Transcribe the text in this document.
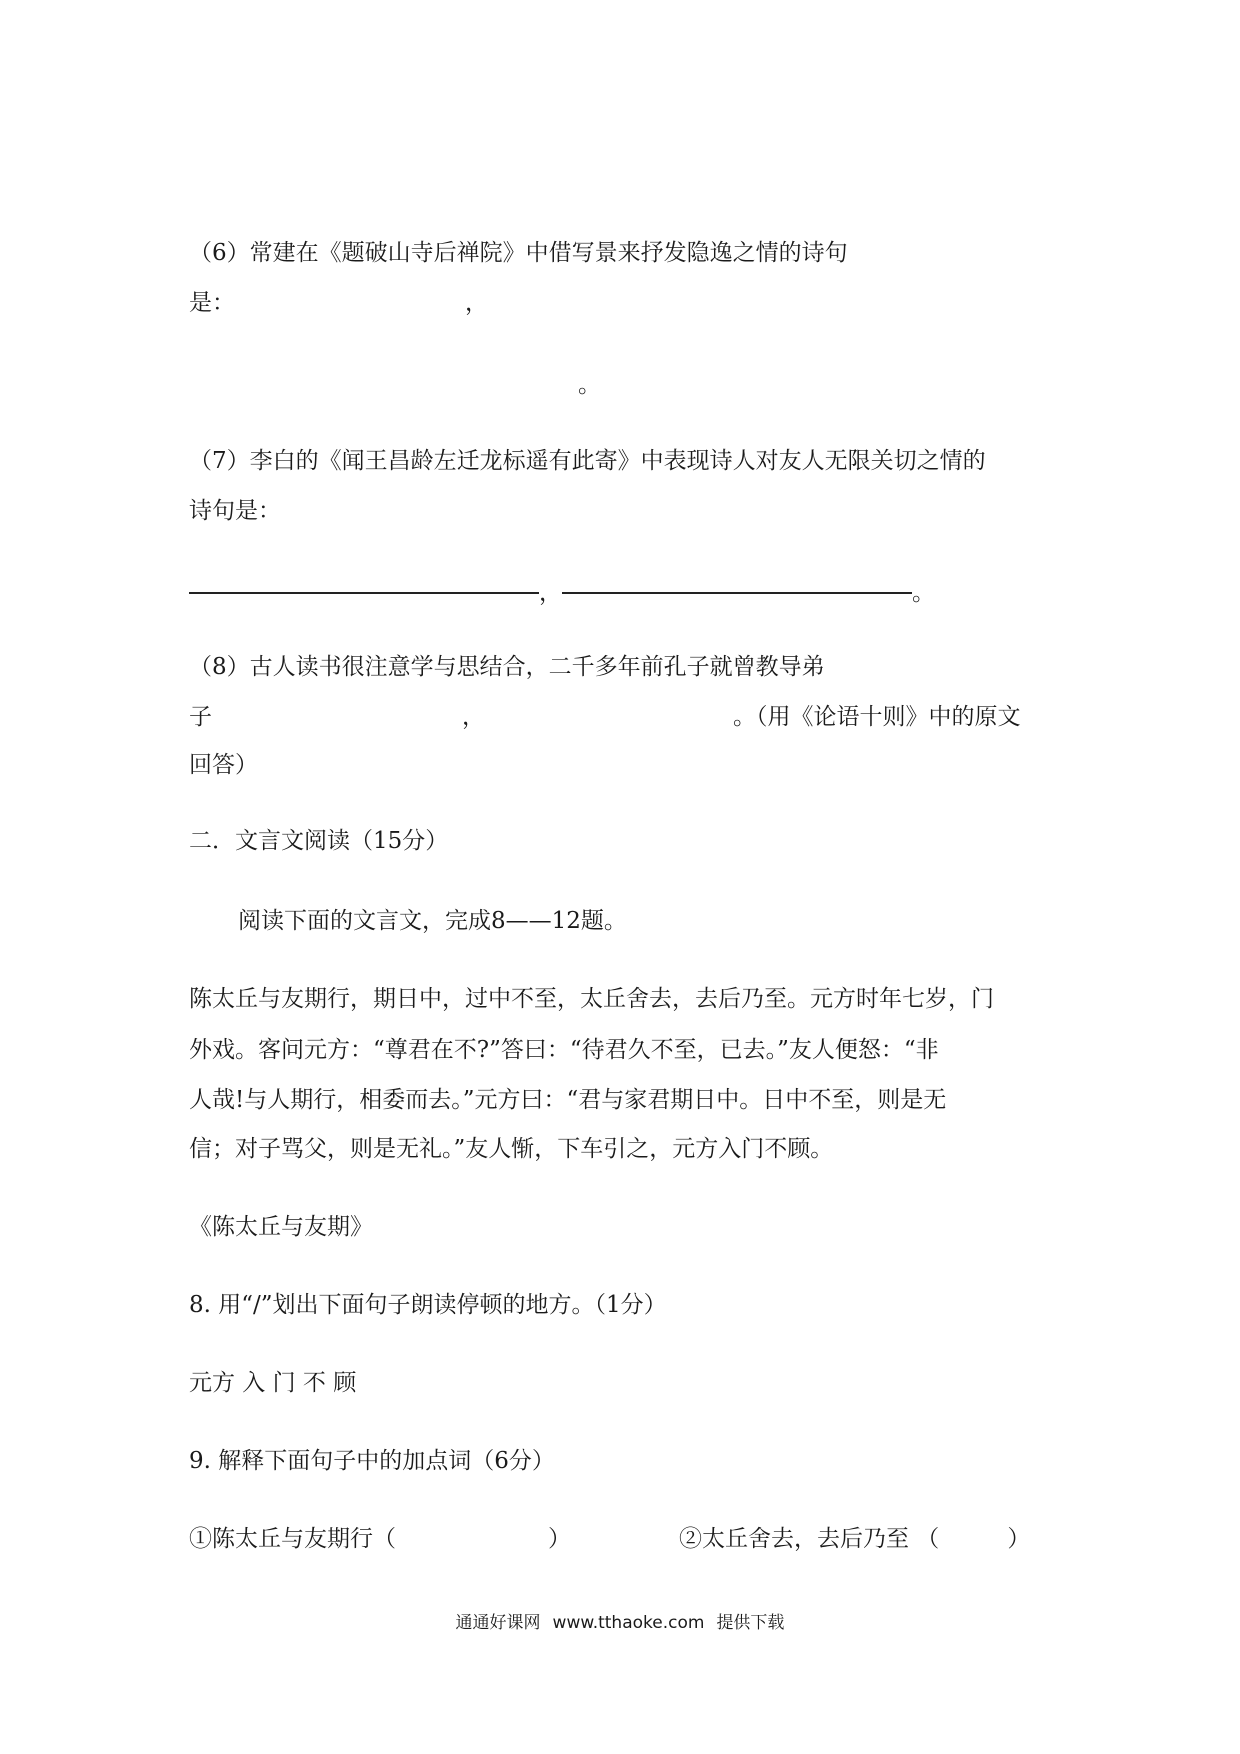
（6）常建在《题破山寺后禅院》中借写景来抒发隐逸之情的诗句
是：	，
。
（7）李白的《闻王昌龄左迁龙标遥有此寄》中表现诗人对友人无限关切之情的
诗句是：
，	。
（8）古人读书很注意学与思结合，二千多年前孔子就曾教导弟
子	，	。（用《论语十则》中的原文
回答）
二．文言文阅读（15分）
阅读下面的文言文，完成8——12题。
陈太丘与友期行，期日中，过中不至，太丘舍去，去后乃至。元方时年七岁，门
外戏。客问元方：“尊君在不?”答曰：“待君久不至，已去。”友人便怒：“非
人哉!与人期行，相委而去。”元方曰：“君与家君期日中。日中不至，则是无
信；对子骂父，则是无礼。”友人惭，下车引之，元方入门不顾。
《陈太丘与友期》
8. 用“/”划出下面句子朗读停顿的地方。（1分）
元方 入 门 不 顾
9. 解释下面句子中的加点词（6分）
①陈太丘与友期行（	）	②太丘舍去，去后乃至 （	）
通通好课网 www.tthaoke.com 提供下载
